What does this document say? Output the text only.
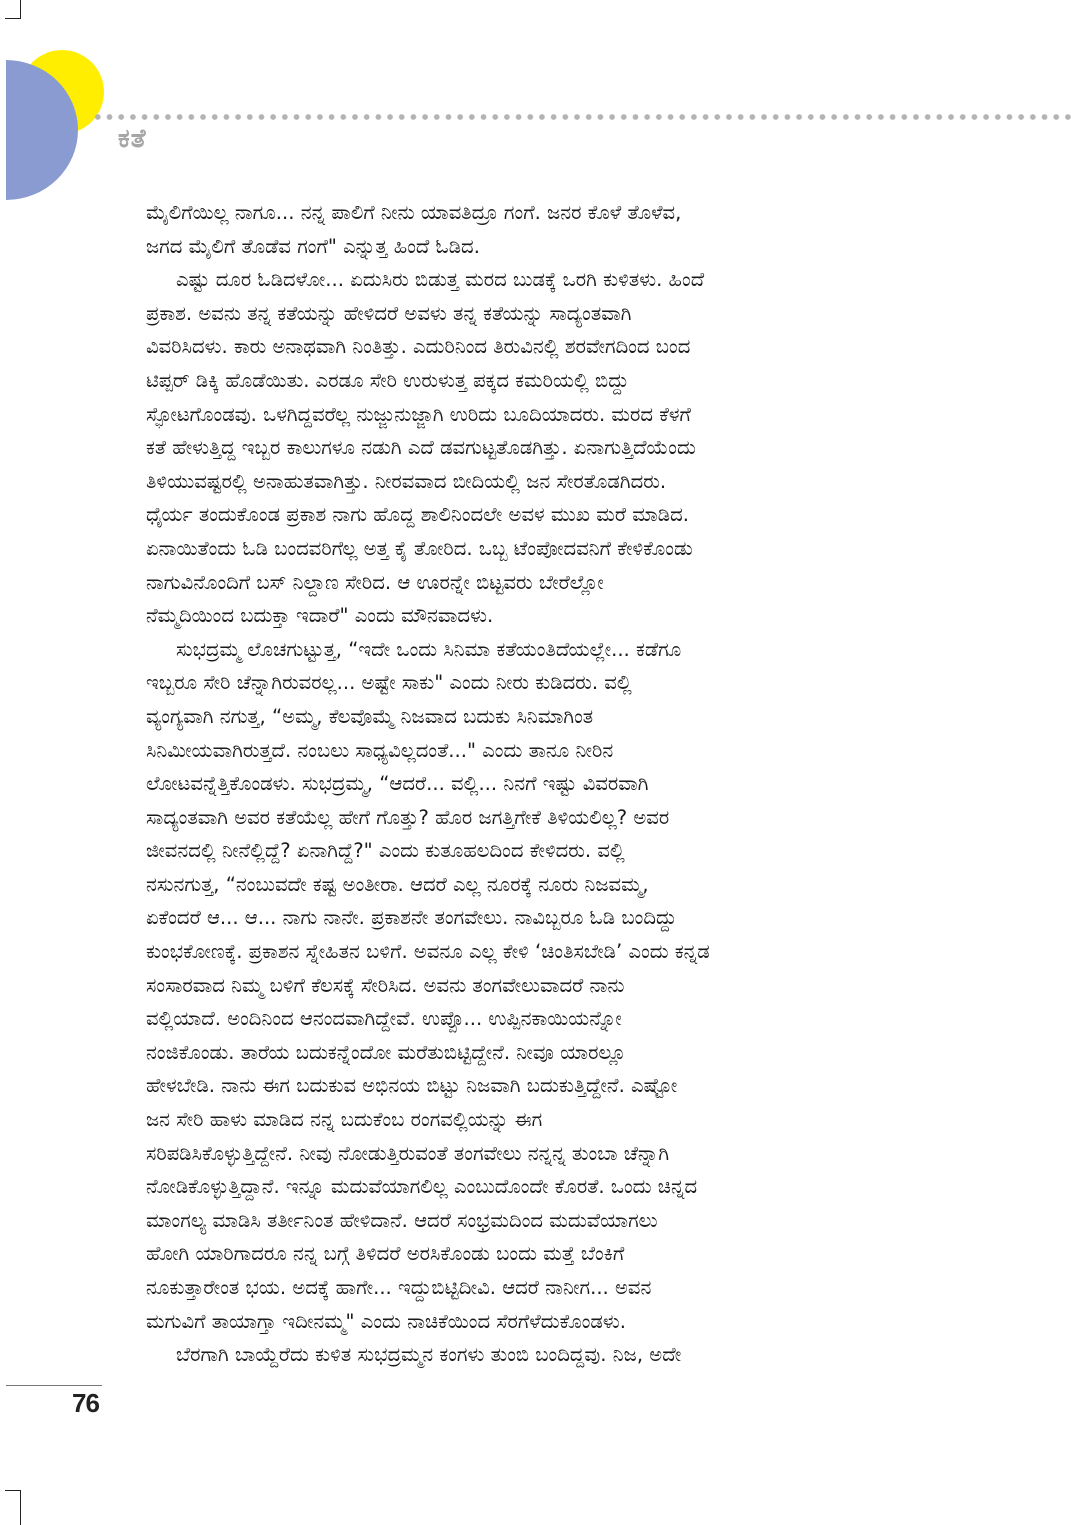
ಕತೆ
ಮೈಲಿಗೆಯಿಲ್ಲ ನಾಗೂ... ನನ್ನ ಪಾಲಿಗೆ ನೀನು ಯಾವತಿದ್ರೂ ಗಂಗೆ. ಜನರ ಕೊಳೆ ತೊಳೆವ,
ಜಗದ ಮೈಲಿಗೆ ತೊಡೆವ ಗಂಗೆ" ಎನ್ನುತ್ತ ಹಿಂದೆ ಓಡಿದ.
ಎಷ್ಟು ದೂರ ಓಡಿದಳೋ... ಏದುಸಿರು ಬಿಡುತ್ತ ಮರದ ಬುಡಕ್ಕೆ ಒರಗಿ ಕುಳಿತಳು. ಹಿಂದೆ
ಪ್ರಕಾಶ. ಅವನು ತನ್ನ ಕತೆಯನ್ನು ಹೇಳಿದರೆ ಅವಳು ತನ್ನ ಕತೆಯನ್ನು ಸಾದ್ಯಂತವಾಗಿ
ವಿವರಿಸಿದಳು. ಕಾರು ಅನಾಥವಾಗಿ ನಿಂತಿತ್ತು. ಎದುರಿನಿಂದ ತಿರುವಿನಲ್ಲಿ ಶರವೇಗದಿಂದ ಬಂದ
ಟಿಪ್ಪರ್ ಡಿಕ್ಕಿ ಹೊಡೆಯಿತು. ಎರಡೂ ಸೇರಿ ಉರುಳುತ್ತ ಪಕ್ಕದ ಕಮರಿಯಲ್ಲಿ ಬಿದ್ದು
ಸ್ಫೋಟಗೊಂಡವು. ಒಳಗಿದ್ದವರೆಲ್ಲ ನುಜ್ಜುನುಜ್ಜಾಗಿ ಉರಿದು ಬೂದಿಯಾದರು. ಮರದ ಕೆಳಗೆ
ಕತೆ ಹೇಳುತ್ತಿದ್ದ ಇಬ್ಬರ ಕಾಲುಗಳೂ ನಡುಗಿ ಎದೆ ಡವಗುಟ್ಟತೊಡಗಿತ್ತು. ಏನಾಗುತ್ತಿದೆಯೆಂದು
ತಿಳಿಯುವಷ್ಟರಲ್ಲಿ ಅನಾಹುತವಾಗಿತ್ತು. ನೀರವವಾದ ಬೀದಿಯಲ್ಲಿ ಜನ ಸೇರತೊಡಗಿದರು.
ಧೈರ್ಯ ತಂದುಕೊಂಡ ಪ್ರಕಾಶ ನಾಗು ಹೊದ್ದ ಶಾಲಿನಿಂದಲೇ ಅವಳ ಮುಖ ಮರೆ ಮಾಡಿದ.
ಏನಾಯಿತೆಂದು ಓಡಿ ಬಂದವರಿಗೆಲ್ಲ ಅತ್ತ ಕೈ ತೋರಿದ. ಒಬ್ಬ ಟೆಂಪೋದವನಿಗೆ ಕೇಳಿಕೊಂಡು
ನಾಗುವಿನೊಂದಿಗೆ ಬಸ್ ನಿಲ್ದಾಣ ಸೇರಿದ. ಆ ಊರನ್ನೇ ಬಿಟ್ಟವರು ಬೇರೆಲ್ಲೋ
ನೆಮ್ಮದಿಯಿಂದ ಬದುಕ್ತಾ ಇದಾರೆ" ಎಂದು ಮೌನವಾದಳು.
ಸುಭದ್ರಮ್ಮ ಲೊಚಗುಟ್ಟುತ್ತ, “ಇದೇ ಒಂದು ಸಿನಿಮಾ ಕತೆಯಂತಿದೆಯಲ್ಲೇ... ಕಡೆಗೂ
ಇಬ್ಬರೂ ಸೇರಿ ಚೆನ್ನಾಗಿರುವರಲ್ಲ... ಅಷ್ಟೇ ಸಾಕು" ಎಂದು ನೀರು ಕುಡಿದರು. ವಲ್ಲಿ
ವ್ಯಂಗ್ಯವಾಗಿ ನಗುತ್ತ, “ಅಮ್ಮ, ಕೆಲವೊಮ್ಮೆ ನಿಜವಾದ ಬದುಕು ಸಿನಿಮಾಗಿಂತ
ಸಿನಿಮೀಯವಾಗಿರುತ್ತದೆ. ನಂಬಲು ಸಾಧ್ಯವಿಲ್ಲದಂತೆ..." ಎಂದು ತಾನೂ ನೀರಿನ
ಲೋಟವನ್ನೆತ್ತಿಕೊಂಡಳು. ಸುಭದ್ರಮ್ಮ, “ಆದರೆ... ವಲ್ಲಿ... ನಿನಗೆ ಇಷ್ಟು ವಿವರವಾಗಿ
ಸಾದ್ಯಂತವಾಗಿ ಅವರ ಕತೆಯೆಲ್ಲ ಹೇಗೆ ಗೊತ್ತು? ಹೊರ ಜಗತ್ತಿಗೇಕೆ ತಿಳಿಯಲಿಲ್ಲ? ಅವರ
ಜೀವನದಲ್ಲಿ ನೀನೆಲ್ಲಿದ್ದೆ? ಏನಾಗಿದ್ದೆ?" ಎಂದು ಕುತೂಹಲದಿಂದ ಕೇಳಿದರು. ವಲ್ಲಿ
ನಸುನಗುತ್ತ, “ನಂಬುವದೇ ಕಷ್ಟ ಅಂತೀರಾ. ಆದರೆ ಎಲ್ಲ ನೂರಕ್ಕೆ ನೂರು ನಿಜವಮ್ಮ,
ಏಕೆಂದರೆ ಆ... ಆ... ನಾಗು ನಾನೇ. ಪ್ರಕಾಶನೇ ತಂಗವೇಲು. ನಾವಿಬ್ಬರೂ ಓಡಿ ಬಂದಿದ್ದು
ಕುಂಭಕೋಣಕ್ಕೆ. ಪ್ರಕಾಶನ ಸ್ನೇಹಿತನ ಬಳಿಗೆ. ಅವನೂ ಎಲ್ಲ ಕೇಳಿ ‘ಚಿಂತಿಸಬೇಡಿ’ ಎಂದು ಕನ್ನಡ
ಸಂಸಾರವಾದ ನಿಮ್ಮ ಬಳಿಗೆ ಕೆಲಸಕ್ಕೆ ಸೇರಿಸಿದ. ಅವನು ತಂಗವೇಲುವಾದರೆ ನಾನು
ವಲ್ಲಿಯಾದೆ. ಅಂದಿನಿಂದ ಆನಂದವಾಗಿದ್ದೇವೆ. ಉಪ್ಪೊ... ಉಪ್ಪಿನಕಾಯಿಯನ್ನೋ
ನಂಜಿಕೊಂಡು. ತಾರೆಯ ಬದುಕನ್ನೆಂದೋ ಮರೆತುಬಿಟ್ಟಿದ್ದೇನೆ. ನೀವೂ ಯಾರಲ್ಲೂ
ಹೇಳಬೇಡಿ. ನಾನು ಈಗ ಬದುಕುವ ಅಭಿನಯ ಬಿಟ್ಟು ನಿಜವಾಗಿ ಬದುಕುತ್ತಿದ್ದೇನೆ. ಎಷ್ಟೋ
ಜನ ಸೇರಿ ಹಾಳು ಮಾಡಿದ ನನ್ನ ಬದುಕೆಂಬ ರಂಗವಲ್ಲಿಯನ್ನು ಈಗ
ಸರಿಪಡಿಸಿಕೊಳ್ಳುತ್ತಿದ್ದೇನೆ. ನೀವು ನೋಡುತ್ತಿರುವಂತೆ ತಂಗವೇಲು ನನ್ನನ್ನ ತುಂಬಾ ಚೆನ್ನಾಗಿ
ನೋಡಿಕೊಳ್ಳುತ್ತಿದ್ದಾನೆ. ಇನ್ನೂ ಮದುವೆಯಾಗಲಿಲ್ಲ ಎಂಬುದೊಂದೇ ಕೊರತೆ. ಒಂದು ಚಿನ್ನದ
ಮಾಂಗಲ್ಯ ಮಾಡಿಸಿ ತರ್ತೀನಿಂತ ಹೇಳಿದಾನೆ. ಆದರೆ ಸಂಭ್ರಮದಿಂದ ಮದುವೆಯಾಗಲು
ಹೋಗಿ ಯಾರಿಗಾದರೂ ನನ್ನ ಬಗ್ಗೆ ತಿಳಿದರೆ ಅರಸಿಕೊಂಡು ಬಂದು ಮತ್ತೆ ಬೆಂಕಿಗೆ
ನೂಕುತ್ತಾರೇಂತ ಭಯ. ಅದಕ್ಕೆ ಹಾಗೇ... ಇದ್ದುಬಿಟ್ಟಿದೀವಿ. ಆದರೆ ನಾನೀಗ... ಅವನ
ಮಗುವಿಗೆ ತಾಯಾಗ್ತಾ ಇದೀನಮ್ಮ" ಎಂದು ನಾಚಿಕೆಯಿಂದ ಸೆರಗೆಳೆದುಕೊಂಡಳು.
ಬೆರಗಾಗಿ ಬಾಯ್ದೆರೆದು ಕುಳಿತ ಸುಭದ್ರಮ್ಮನ ಕಂಗಳು ತುಂಬಿ ಬಂದಿದ್ದವು. ನಿಜ, ಅದೇ
76
